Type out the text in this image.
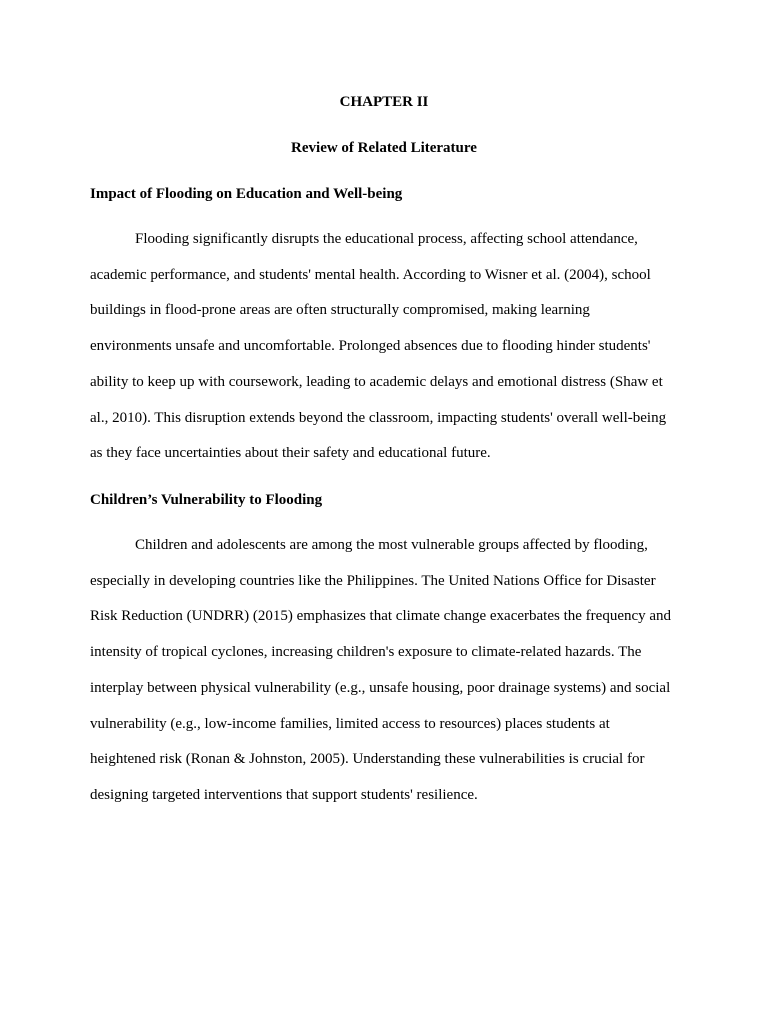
CHAPTER II
Review of Related Literature
Impact of Flooding on Education and Well-being
Flooding significantly disrupts the educational process, affecting school attendance,
academic performance, and students' mental health. According to Wisner et al. (2004), school
buildings in flood-prone areas are often structurally compromised, making learning
environments unsafe and uncomfortable. Prolonged absences due to flooding hinder students'
ability to keep up with coursework, leading to academic delays and emotional distress (Shaw et
al., 2010). This disruption extends beyond the classroom, impacting students' overall well-being
as they face uncertainties about their safety and educational future.
Children’s Vulnerability to Flooding
Children and adolescents are among the most vulnerable groups affected by flooding,
especially in developing countries like the Philippines. The United Nations Office for Disaster
Risk Reduction (UNDRR) (2015) emphasizes that climate change exacerbates the frequency and
intensity of tropical cyclones, increasing children's exposure to climate-related hazards. The
interplay between physical vulnerability (e.g., unsafe housing, poor drainage systems) and social
vulnerability (e.g., low-income families, limited access to resources) places students at
heightened risk (Ronan & Johnston, 2005). Understanding these vulnerabilities is crucial for
designing targeted interventions that support students' resilience.
